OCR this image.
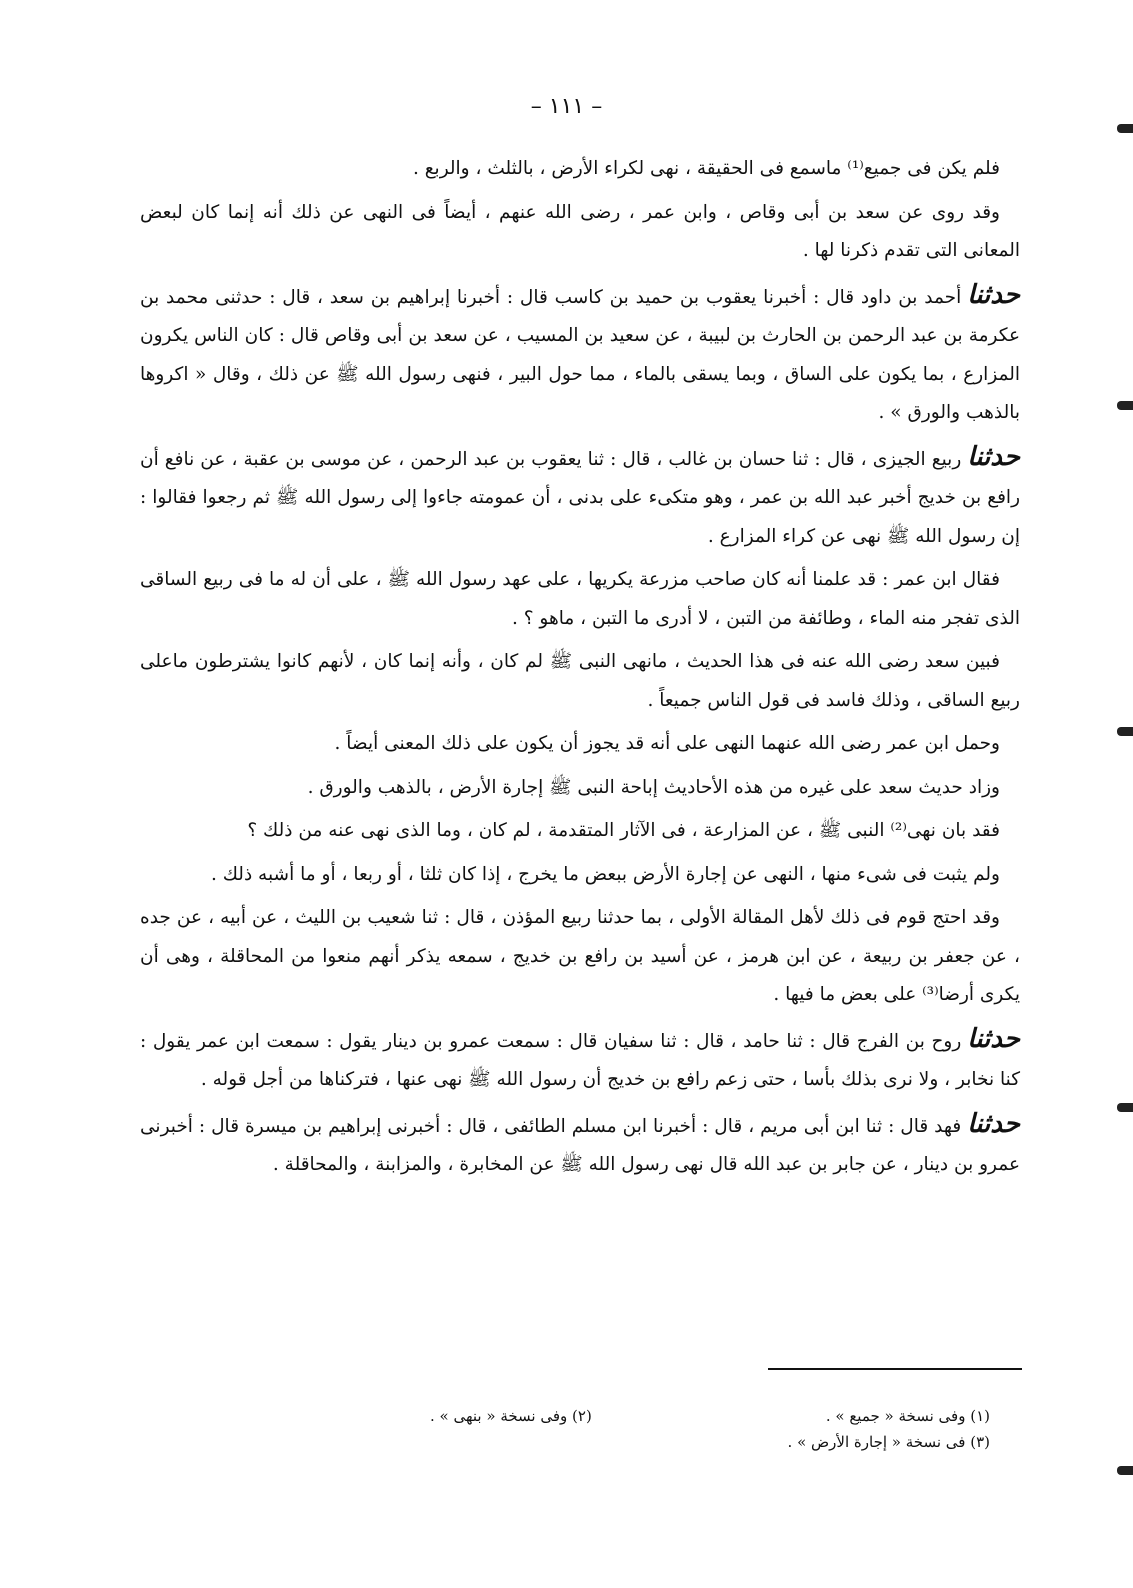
– ١١١ –

فلم يكن فى جميع⁽¹⁾ ماسمع فى الحقيقة ، نهى لكراء الأرض ، بالثلث ، والربع .

وقد روى عن سعد بن أبى وقاص ، وابن عمر ، رضى الله عنهم ، أيضاً فى النهى عن ذلك أنه إنما كان لبعض المعانى التى تقدم ذكرنا لها .

حدثناأحمد بن داود قال : أخبرنا يعقوب بن حميد بن كاسب قال : أخبرنا إبراهيم بن سعد ، قال : حدثنى محمد بن عكرمة بن عبد الرحمن بن الحارث بن لبيبة ، عن سعيد بن المسيب ، عن سعد بن أبى وقاص قال : كان الناس يكرون المزارع ، بما يكون على الساق ، وبما يسقى بالماء ، مما حول البير ، فنهى رسول الله ﷺ عن ذلك ، وقال « اكروها بالذهب والورق » .

حدثناربيع الجيزى ، قال : ثنا حسان بن غالب ، قال : ثنا يعقوب بن عبد الرحمن ، عن موسى بن عقبة ، عن نافع أن رافع بن خديج أخبر عبد الله بن عمر ، وهو متكىء على بدنى ، أن عمومته جاءوا إلى رسول الله ﷺ ثم رجعوا فقالوا : إن رسول الله ﷺ نهى عن كراء المزارع .

فقال ابن عمر : قد علمنا أنه كان صاحب مزرعة يكريها ، على عهد رسول الله ﷺ ، على أن له ما فى ربيع الساقى الذى تفجر منه الماء ، وطائفة من التبن ، لا أدرى ما التبن ، ماهو ؟ .

فبين سعد رضى الله عنه فى هذا الحديث ، مانهى النبى ﷺ لم كان ، وأنه إنما كان ، لأنهم كانوا يشترطون ماعلى ربيع الساقى ، وذلك فاسد فى قول الناس جميعاً .

وحمل ابن عمر رضى الله عنهما النهى على أنه قد يجوز أن يكون على ذلك المعنى أيضاً .

وزاد حديث سعد على غيره من هذه الأحاديث إباحة النبى ﷺ إجارة الأرض ، بالذهب والورق .

فقد بان نهى⁽²⁾ النبى ﷺ ، عن المزارعة ، فى الآثار المتقدمة ، لم كان ، وما الذى نهى عنه من ذلك ؟

ولم يثبت فى شىء منها ، النهى عن إجارة الأرض ببعض ما يخرج ، إذا كان ثلثا ، أو ربعا ، أو ما أشبه ذلك .

وقد احتج قوم فى ذلك لأهل المقالة الأولى ، بما حدثنا ربيع المؤذن ، قال : ثنا شعيب بن الليث ، عن أبيه ، عن جده ، عن جعفر بن ربيعة ، عن ابن هرمز ، عن أسيد بن رافع بن خديج ، سمعه يذكر أنهم منعوا من المحاقلة ، وهى أن يكرى أرضا⁽³⁾ على بعض ما فيها .

حدثناروح بن الفرج قال : ثنا حامد ، قال : ثنا سفيان قال : سمعت عمرو بن دينار يقول : سمعت ابن عمر يقول : كنا نخابر ، ولا نرى بذلك بأسا ، حتى زعم رافع بن خديج أن رسول الله ﷺ نهى عنها ، فتركناها من أجل قوله .

حدثنافهد قال : ثنا ابن أبى مريم ، قال : أخبرنا ابن مسلم الطائفى ، قال : أخبرنى إبراهيم بن ميسرة قال : أخبرنى عمرو بن دينار ، عن جابر بن عبد الله قال نهى رسول الله ﷺ عن المخابرة ، والمزابنة ، والمحاقلة .

(١) وفى نسخة « جميع » .
(٢) وفى نسخة « بنهى » .
(٣) فى نسخة « إجارة الأرض » .
